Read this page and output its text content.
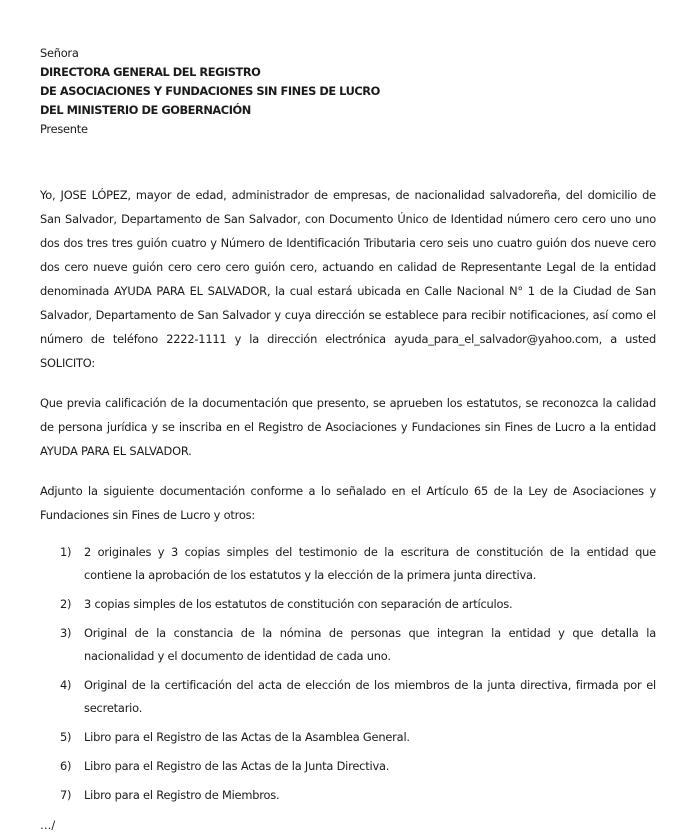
Señora
DIRECTORA GENERAL DEL REGISTRO
DE ASOCIACIONES Y FUNDACIONES SIN FINES DE LUCRO
DEL MINISTERIO DE GOBERNACIÓN
Presente

Yo, JOSE LÓPEZ, mayor de edad, administrador de empresas, de nacionalidad salvadoreña, del domicilio de San Salvador, Departamento de San Salvador, con Documento Único de Identidad número cero cero uno uno dos dos tres tres guión cuatro y Número de Identificación Tributaria cero seis uno cuatro guión dos nueve cero dos cero nueve guión cero cero cero guión cero, actuando en calidad de Representante Legal de la entidad denominada AYUDA PARA EL SALVADOR, la cual estará ubicada en Calle Nacional N° 1 de la Ciudad de San Salvador, Departamento de San Salvador y cuya dirección se establece para recibir notificaciones, así como el número de teléfono 2222-1111 y la dirección electrónica ayuda_para_el_salvador@yahoo.com, a usted SOLICITO:

Que previa calificación de la documentación que presento, se aprueben los estatutos, se reconozca la calidad de persona jurídica y se inscriba en el Registro de Asociaciones y Fundaciones sin Fines de Lucro a la entidad AYUDA PARA EL SALVADOR.

Adjunto la siguiente documentación conforme a lo señalado en el Artículo 65 de la Ley de Asociaciones y Fundaciones sin Fines de Lucro y otros:

1) 2 originales y 3 copias simples del testimonio de la escritura de constitución de la entidad que contiene la aprobación de los estatutos y la elección de la primera junta directiva.
2) 3 copias simples de los estatutos de constitución con separación de artículos.
3) Original de la constancia de la nómina de personas que integran la entidad y que detalla la nacionalidad y el documento de identidad de cada uno.
4) Original de la certificación del acta de elección de los miembros de la junta directiva, firmada por el secretario.
5) Libro para el Registro de las Actas de la Asamblea General.
6) Libro para el Registro de las Actas de la Junta Directiva.
7) Libro para el Registro de Miembros.
…/
